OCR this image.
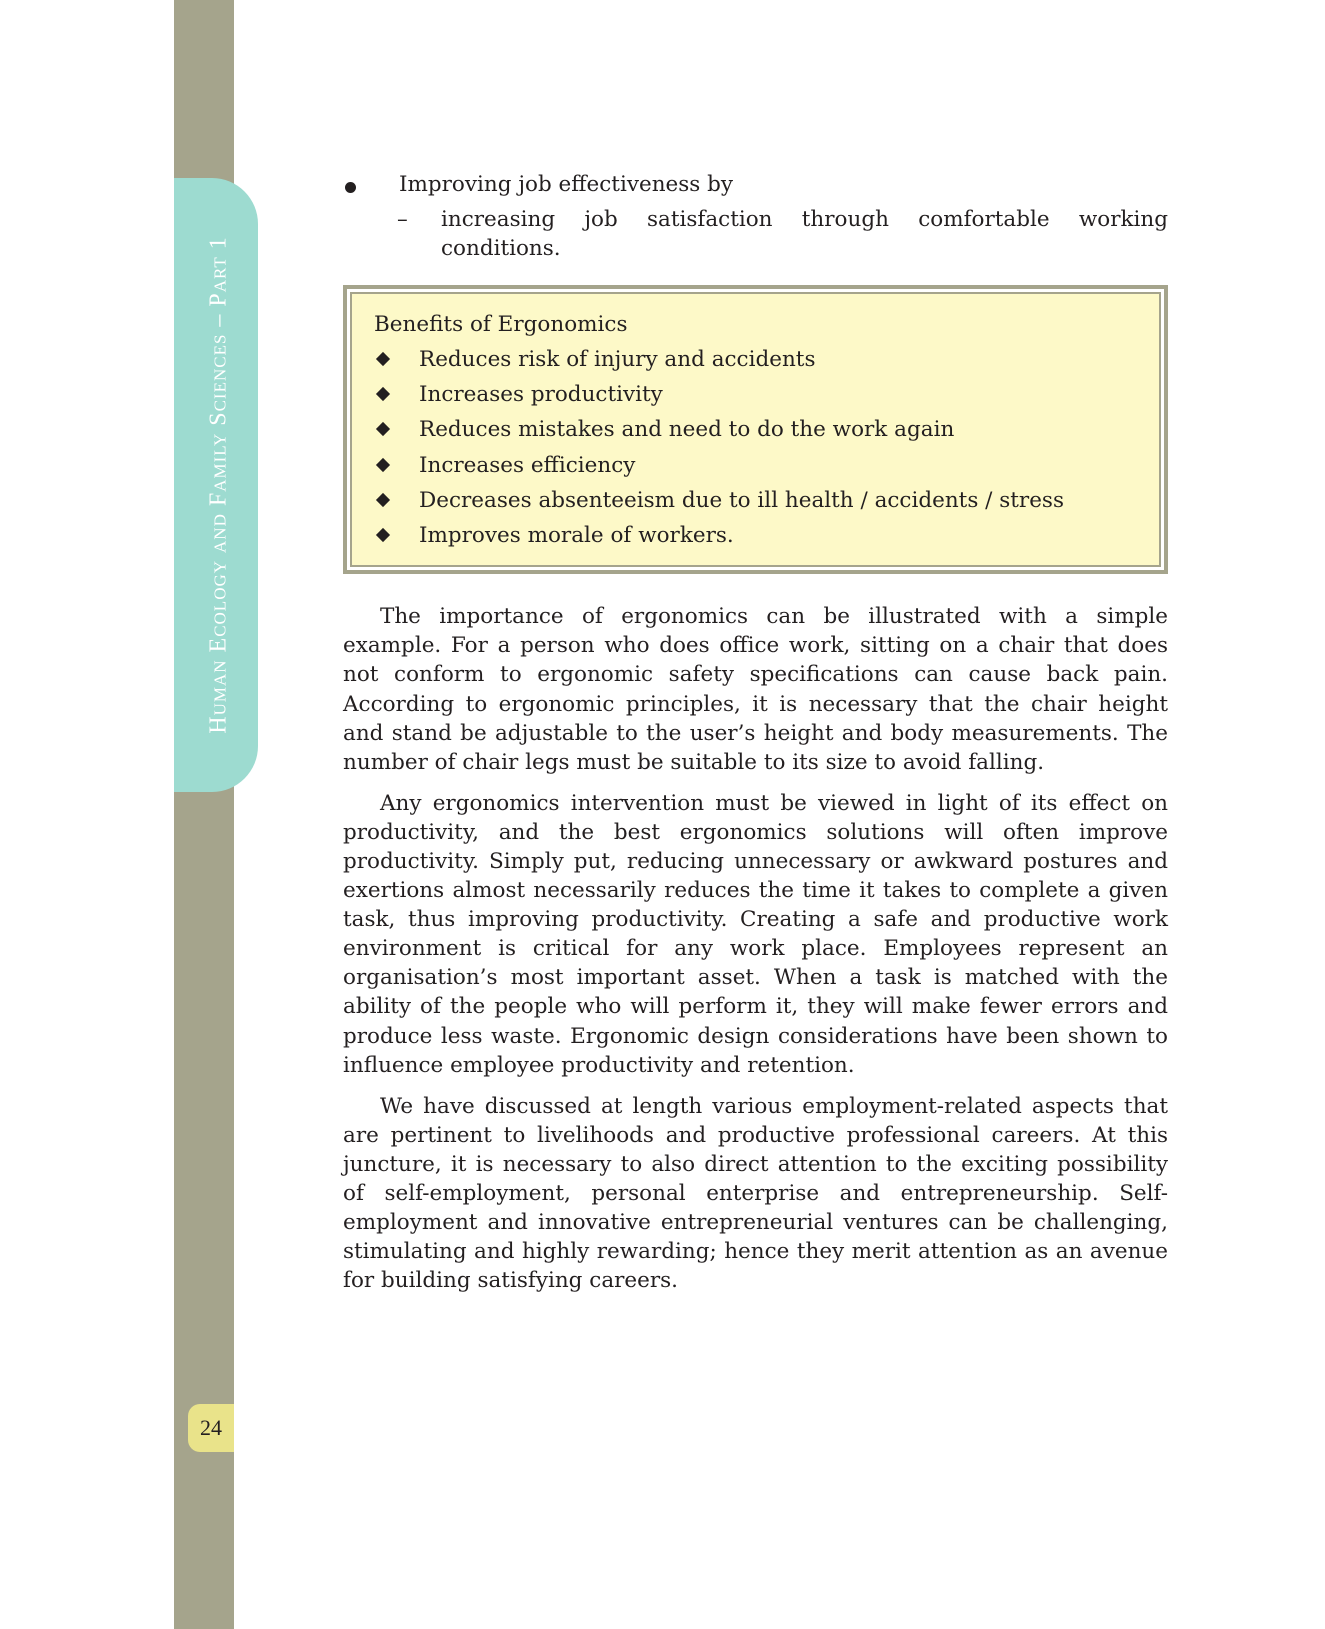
Human Ecology and Family Sciences – Part 1
24
Improving job effectiveness by
– increasing job satisfaction through comfortable working conditions.
Benefits of Ergonomics
Reduces risk of injury and accidents
Increases productivity
Reduces mistakes and need to do the work again
Increases efficiency
Decreases absenteeism due to ill health / accidents / stress
Improves morale of workers.

The importance of ergonomics can be illustrated with a simple example. For a person who does office work, sitting on a chair that does not conform to ergonomic safety specifications can cause back pain. According to ergonomic principles, it is necessary that the chair height and stand be adjustable to the user’s height and body measurements. The number of chair legs must be suitable to its size to avoid falling.

Any ergonomics intervention must be viewed in light of its effect on productivity, and the best ergonomics solutions will often improve productivity. Simply put, reducing unnecessary or awkward postures and exertions almost necessarily reduces the time it takes to complete a given task, thus improving productivity. Creating a safe and productive work environment is critical for any work place. Employees represent an organisation’s most important asset. When a task is matched with the ability of the people who will perform it, they will make fewer errors and produce less waste. Ergonomic design considerations have been shown to influence employee productivity and retention.

We have discussed at length various employment-related aspects that are pertinent to livelihoods and productive professional careers. At this juncture, it is necessary to also direct attention to the exciting possibility of self-employment, personal enterprise and entrepreneurship. Self-employment and innovative entrepreneurial ventures can be challenging, stimulating and highly rewarding; hence they merit attention as an avenue for building satisfying careers.
